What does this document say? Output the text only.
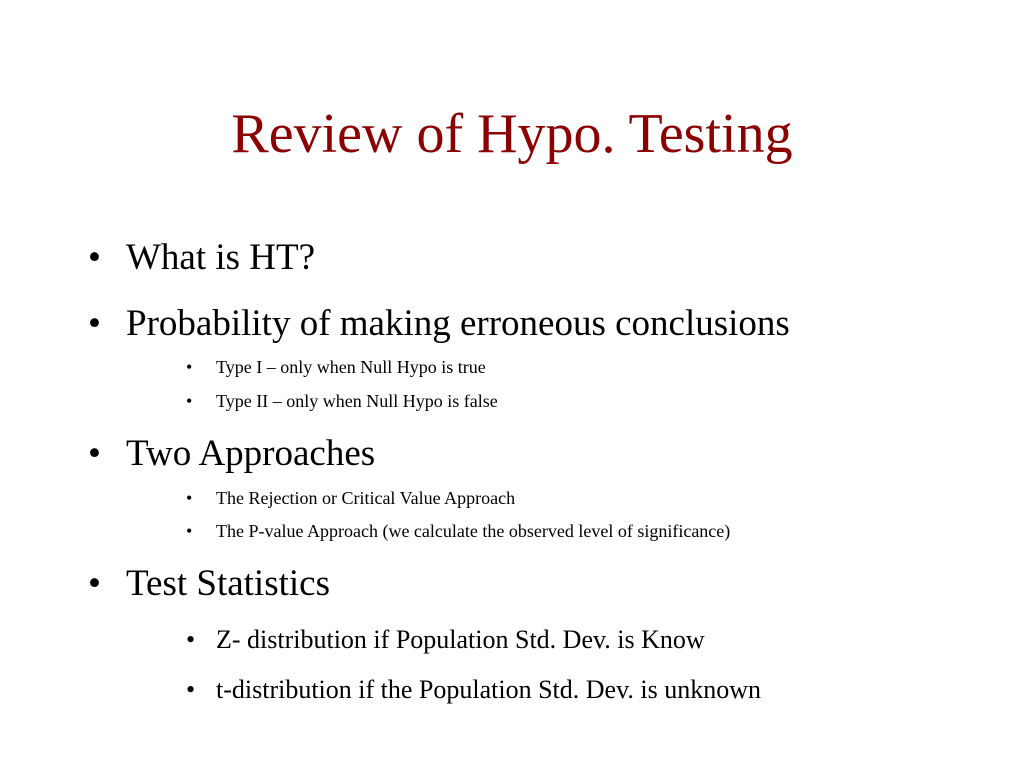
Review of Hypo. Testing
• What is HT?
• Probability of making erroneous conclusions
• Type I – only when Null Hypo is true
• Type II – only when Null Hypo is false
• Two Approaches
• The Rejection or Critical Value Approach
• The P-value Approach (we calculate the observed level of significance)
• Test Statistics
• Z- distribution if Population Std. Dev. is Know
• t-distribution if the Population Std. Dev. is unknown
